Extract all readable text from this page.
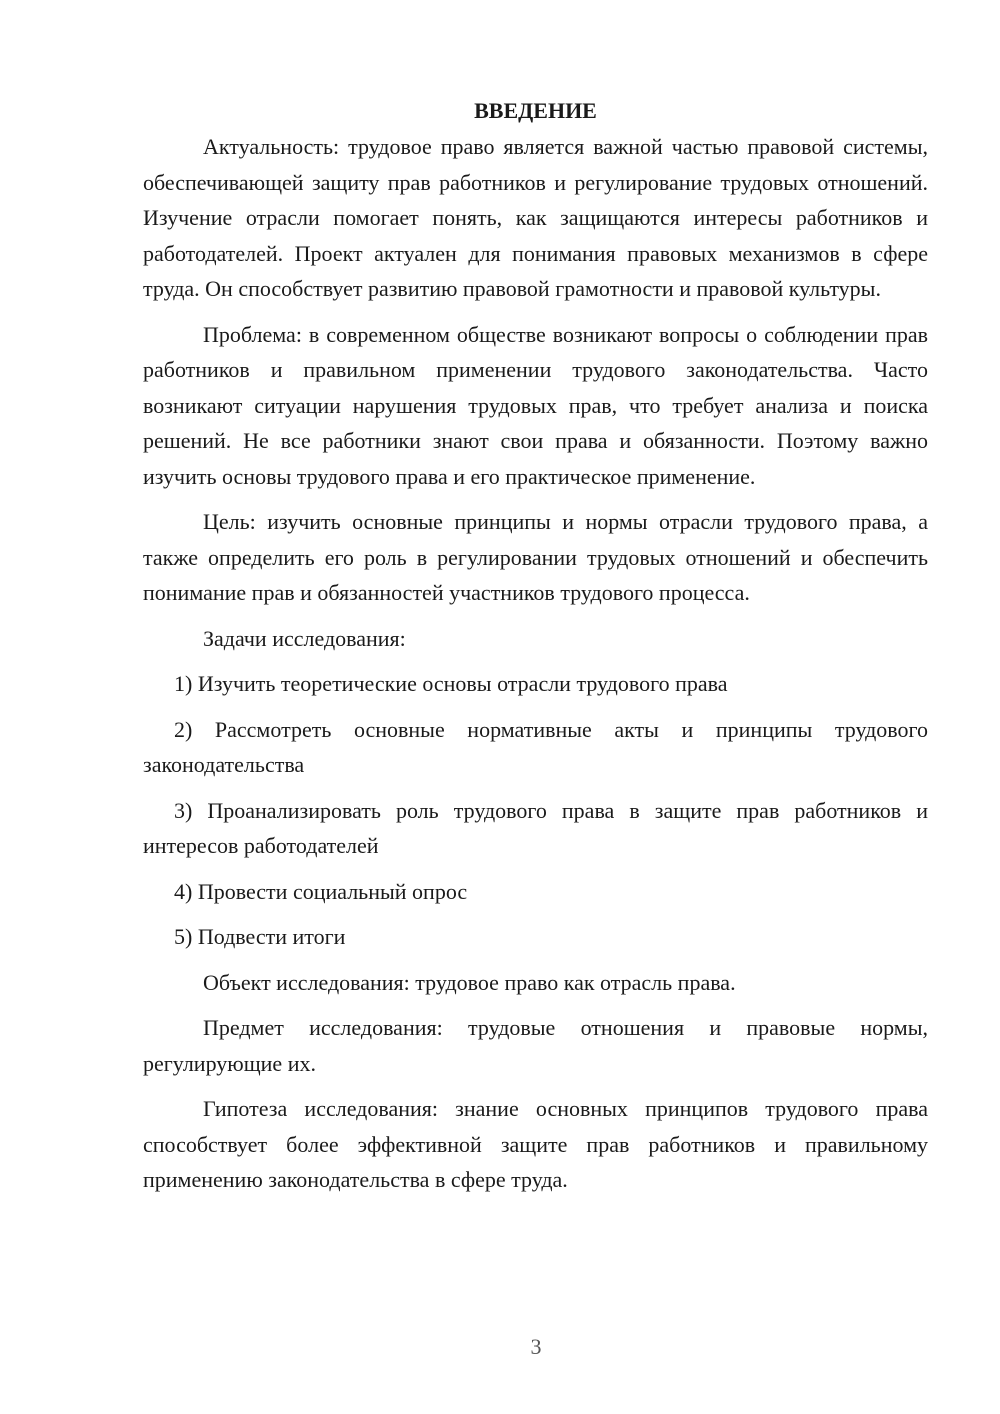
ВВЕДЕНИЕ

Актуальность: трудовое право является важной частью правовой системы, обеспечивающей защиту прав работников и регулирование трудовых отношений. Изучение отрасли помогает понять, как защищаются интересы работников и работодателей. Проект актуален для понимания правовых механизмов в сфере труда. Он способствует развитию правовой грамотности и правовой культуры.

Проблема: в современном обществе возникают вопросы о соблюдении прав работников и правильном применении трудового законодательства. Часто возникают ситуации нарушения трудовых прав, что требует анализа и поиска решений. Не все работники знают свои права и обязанности. Поэтому важно изучить основы трудового права и его практическое применение.

Цель: изучить основные принципы и нормы отрасли трудового права, а также определить его роль в регулировании трудовых отношений и обеспечить понимание прав и обязанностей участников трудового процесса.

Задачи исследования:

1) Изучить теоретические основы отрасли трудового права

2) Рассмотреть основные нормативные акты и принципы трудового законодательства

3) Проанализировать роль трудового права в защите прав работников и интересов работодателей

4) Провести социальный опрос

5) Подвести итоги

Объект исследования: трудовое право как отрасль права.

Предмет исследования: трудовые отношения и правовые нормы, регулирующие их.

Гипотеза исследования: знание основных принципов трудового права способствует более эффективной защите прав работников и правильному применению законодательства в сфере труда.

3
